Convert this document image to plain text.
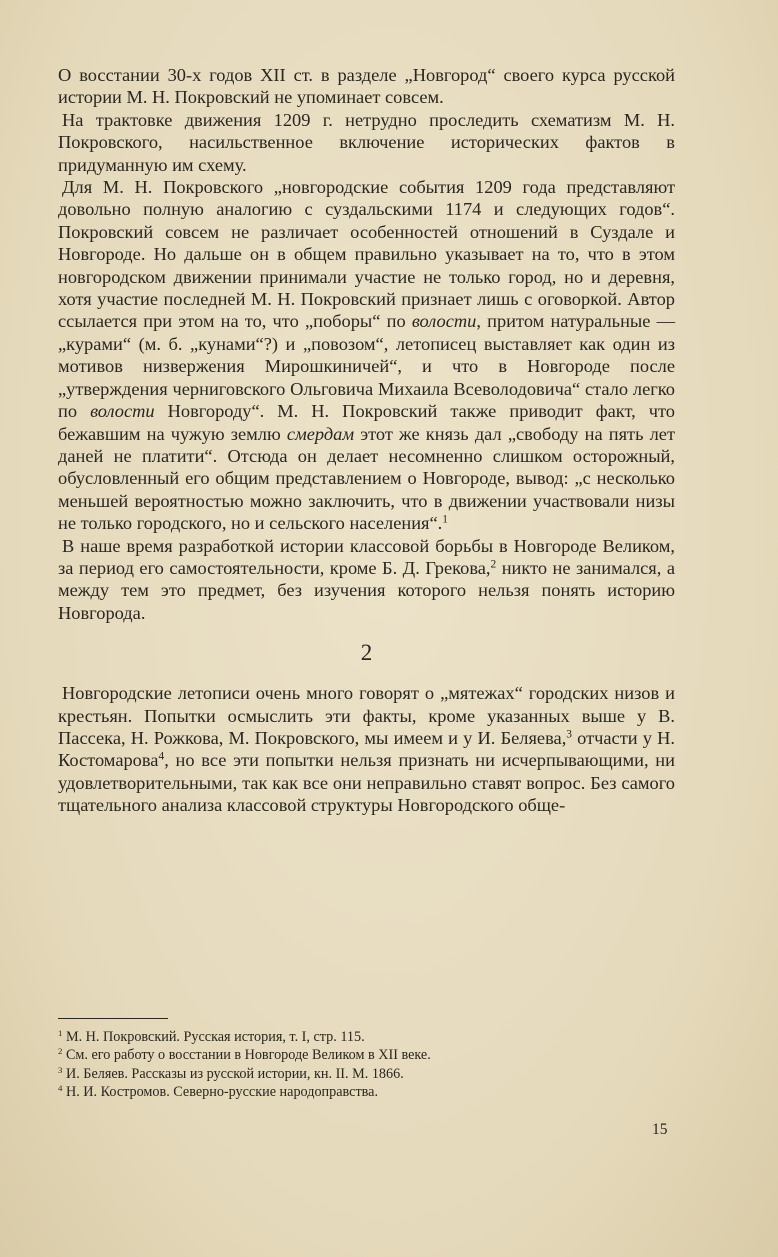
О восстании 30-х годов XII ст. в разделе „Новгород“ своего курса русской истории М. Н. Покровский не упоминает совсем.

На трактовке движения 1209 г. нетрудно проследить схематизм М. Н. Покровского, насильственное включение исторических фактов в придуманную им схему.

Для М. Н. Покровского „новгородские события 1209 года представляют довольно полную аналогию с суздальскими 1174 и следующих годов“. Покровский совсем не различает особенностей отношений в Суздале и Новгороде. Но дальше он в общем правильно указывает на то, что в этом новгородском движении принимали участие не только город, но и деревня, хотя участие последней М. Н. Покровский признает лишь с оговоркой. Автор ссылается при этом на то, что „поборы“ по волости, притом натуральные — „курами“ (м. б. „кунами“?) и „повозом“, летописец выставляет как один из мотивов низвержения Мирошкиничей“, и что в Новгороде после „утверждения черниговского Ольговича Михаила Всеволодовича“ стало легко по волости Новгороду“. М. Н. Покровский также приводит факт, что бежавшим на чужую землю смердам этот же князь дал „свободу на пять лет даней не платити“. Отсюда он делает несомненно слишком осторожный, обусловленный его общим представлением о Новгороде, вывод: „с несколько меньшей вероятностью можно заключить, что в движении участвовали низы не только городского, но и сельского населения“.$^1$

В наше время разработкой истории классовой борьбы в Новгороде Великом, за период его самостоятельности, кроме Б. Д. Грекова,$^2$ никто не занимался, а между тем это предмет, без изучения которого нельзя понять историю Новгорода.

2

Новгородские летописи очень много говорят о „мятежах“ городских низов и крестьян. Попытки осмыслить эти факты, кроме указанных выше у В. Пассека, Н. Рожкова, М. Покровского, мы имеем и у И. Беляева,$^3$ отчасти у Н. Костомарова$^4$, но все эти попытки нельзя признать ни исчерпывающими, ни удовлетворительными, так как все они неправильно ставят вопрос. Без самого тщательного анализа классовой структуры Новгородского обще-

$^1$ М. Н. Покровский. Русская история, т. I, стр. 115.
$^2$ См. его работу о восстании в Новгороде Великом в XII веке.
$^3$ И. Беляев. Рассказы из русской истории, кн. II. М. 1866.
$^4$ Н. И. Костромов. Северно-русские народоправства.
15
